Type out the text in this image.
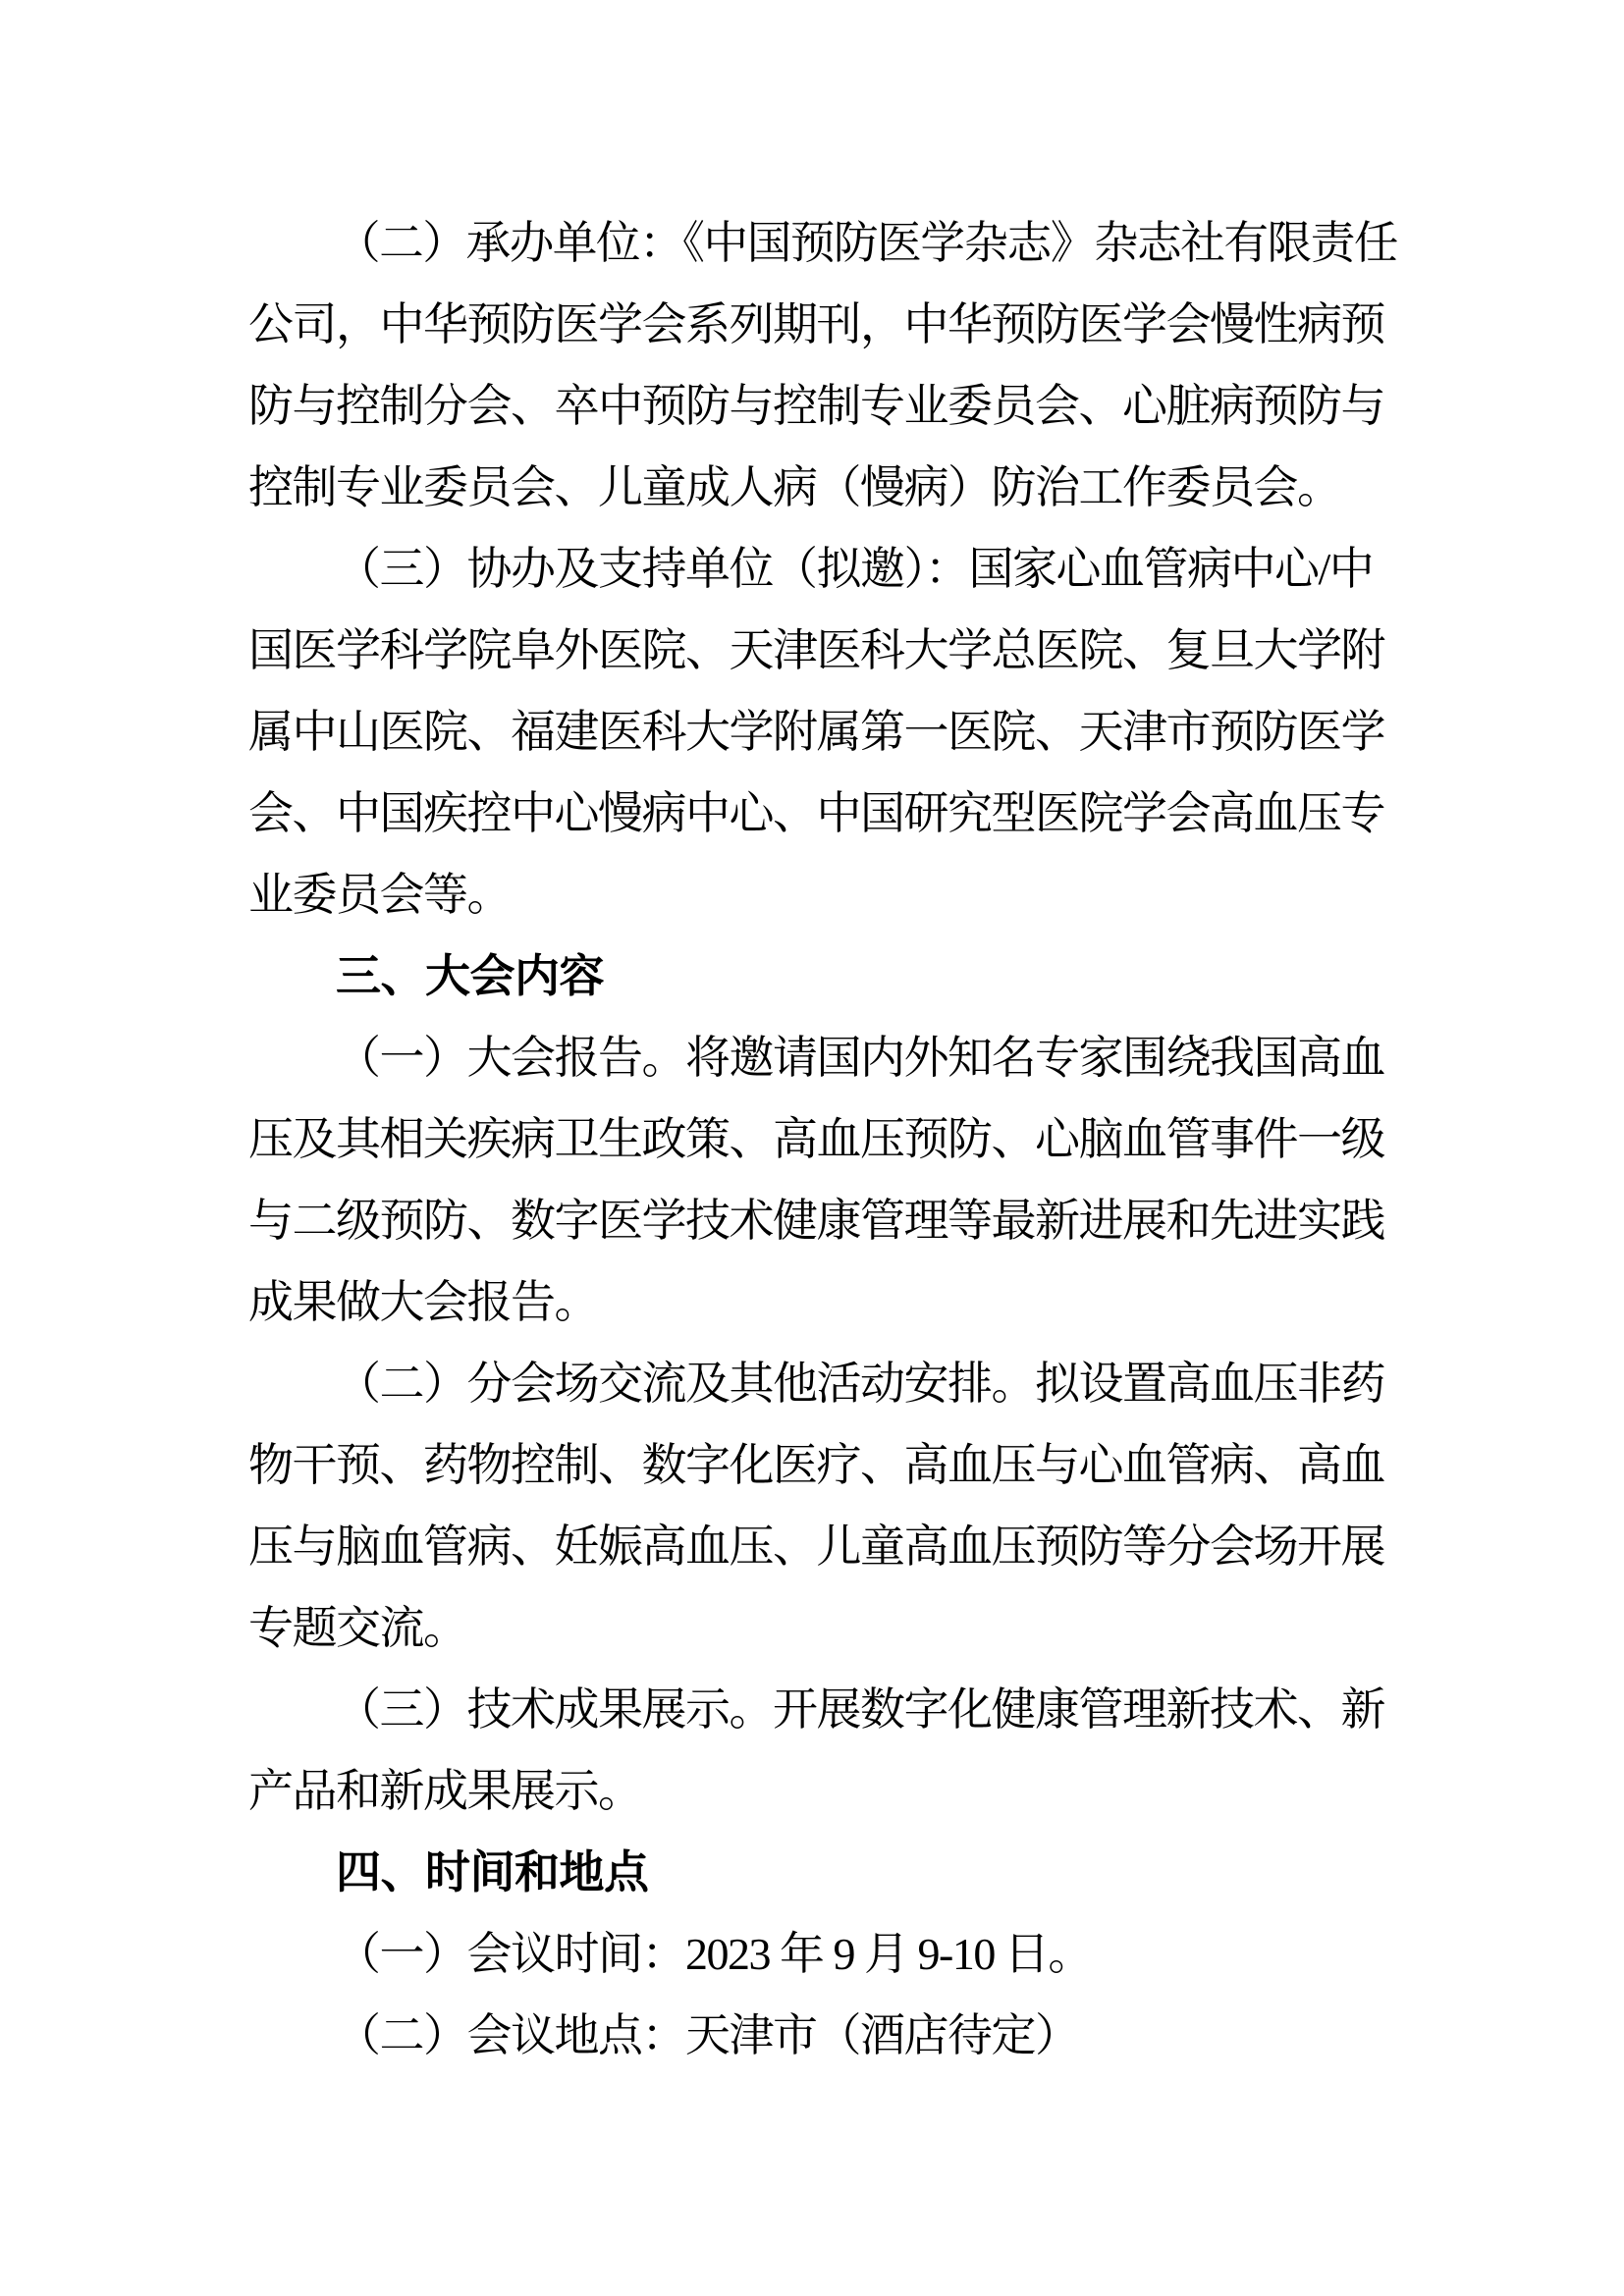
（二）承办单位：《中国预防医学杂志》杂志社有限责任
公司，中华预防医学会系列期刊，中华预防医学会慢性病预
防与控制分会、卒中预防与控制专业委员会、心脏病预防与
控制专业委员会、儿童成人病（慢病）防治工作委员会。
（三）协办及支持单位（拟邀）：国家心血管病中心/中
国医学科学院阜外医院、天津医科大学总医院、复旦大学附
属中山医院、福建医科大学附属第一医院、天津市预防医学
会、中国疾控中心慢病中心、中国研究型医院学会高血压专
业委员会等。
三、大会内容
（一）大会报告。将邀请国内外知名专家围绕我国高血
压及其相关疾病卫生政策、高血压预防、心脑血管事件一级
与二级预防、数字医学技术健康管理等最新进展和先进实践
成果做大会报告。
（二）分会场交流及其他活动安排。拟设置高血压非药
物干预、药物控制、数字化医疗、高血压与心血管病、高血
压与脑血管病、妊娠高血压、儿童高血压预防等分会场开展
专题交流。
（三）技术成果展示。开展数字化健康管理新技术、新
产品和新成果展示。
四、时间和地点
（一）会议时间：2023 年 9 月 9-10 日。
（二）会议地点：天津市（酒店待定）
